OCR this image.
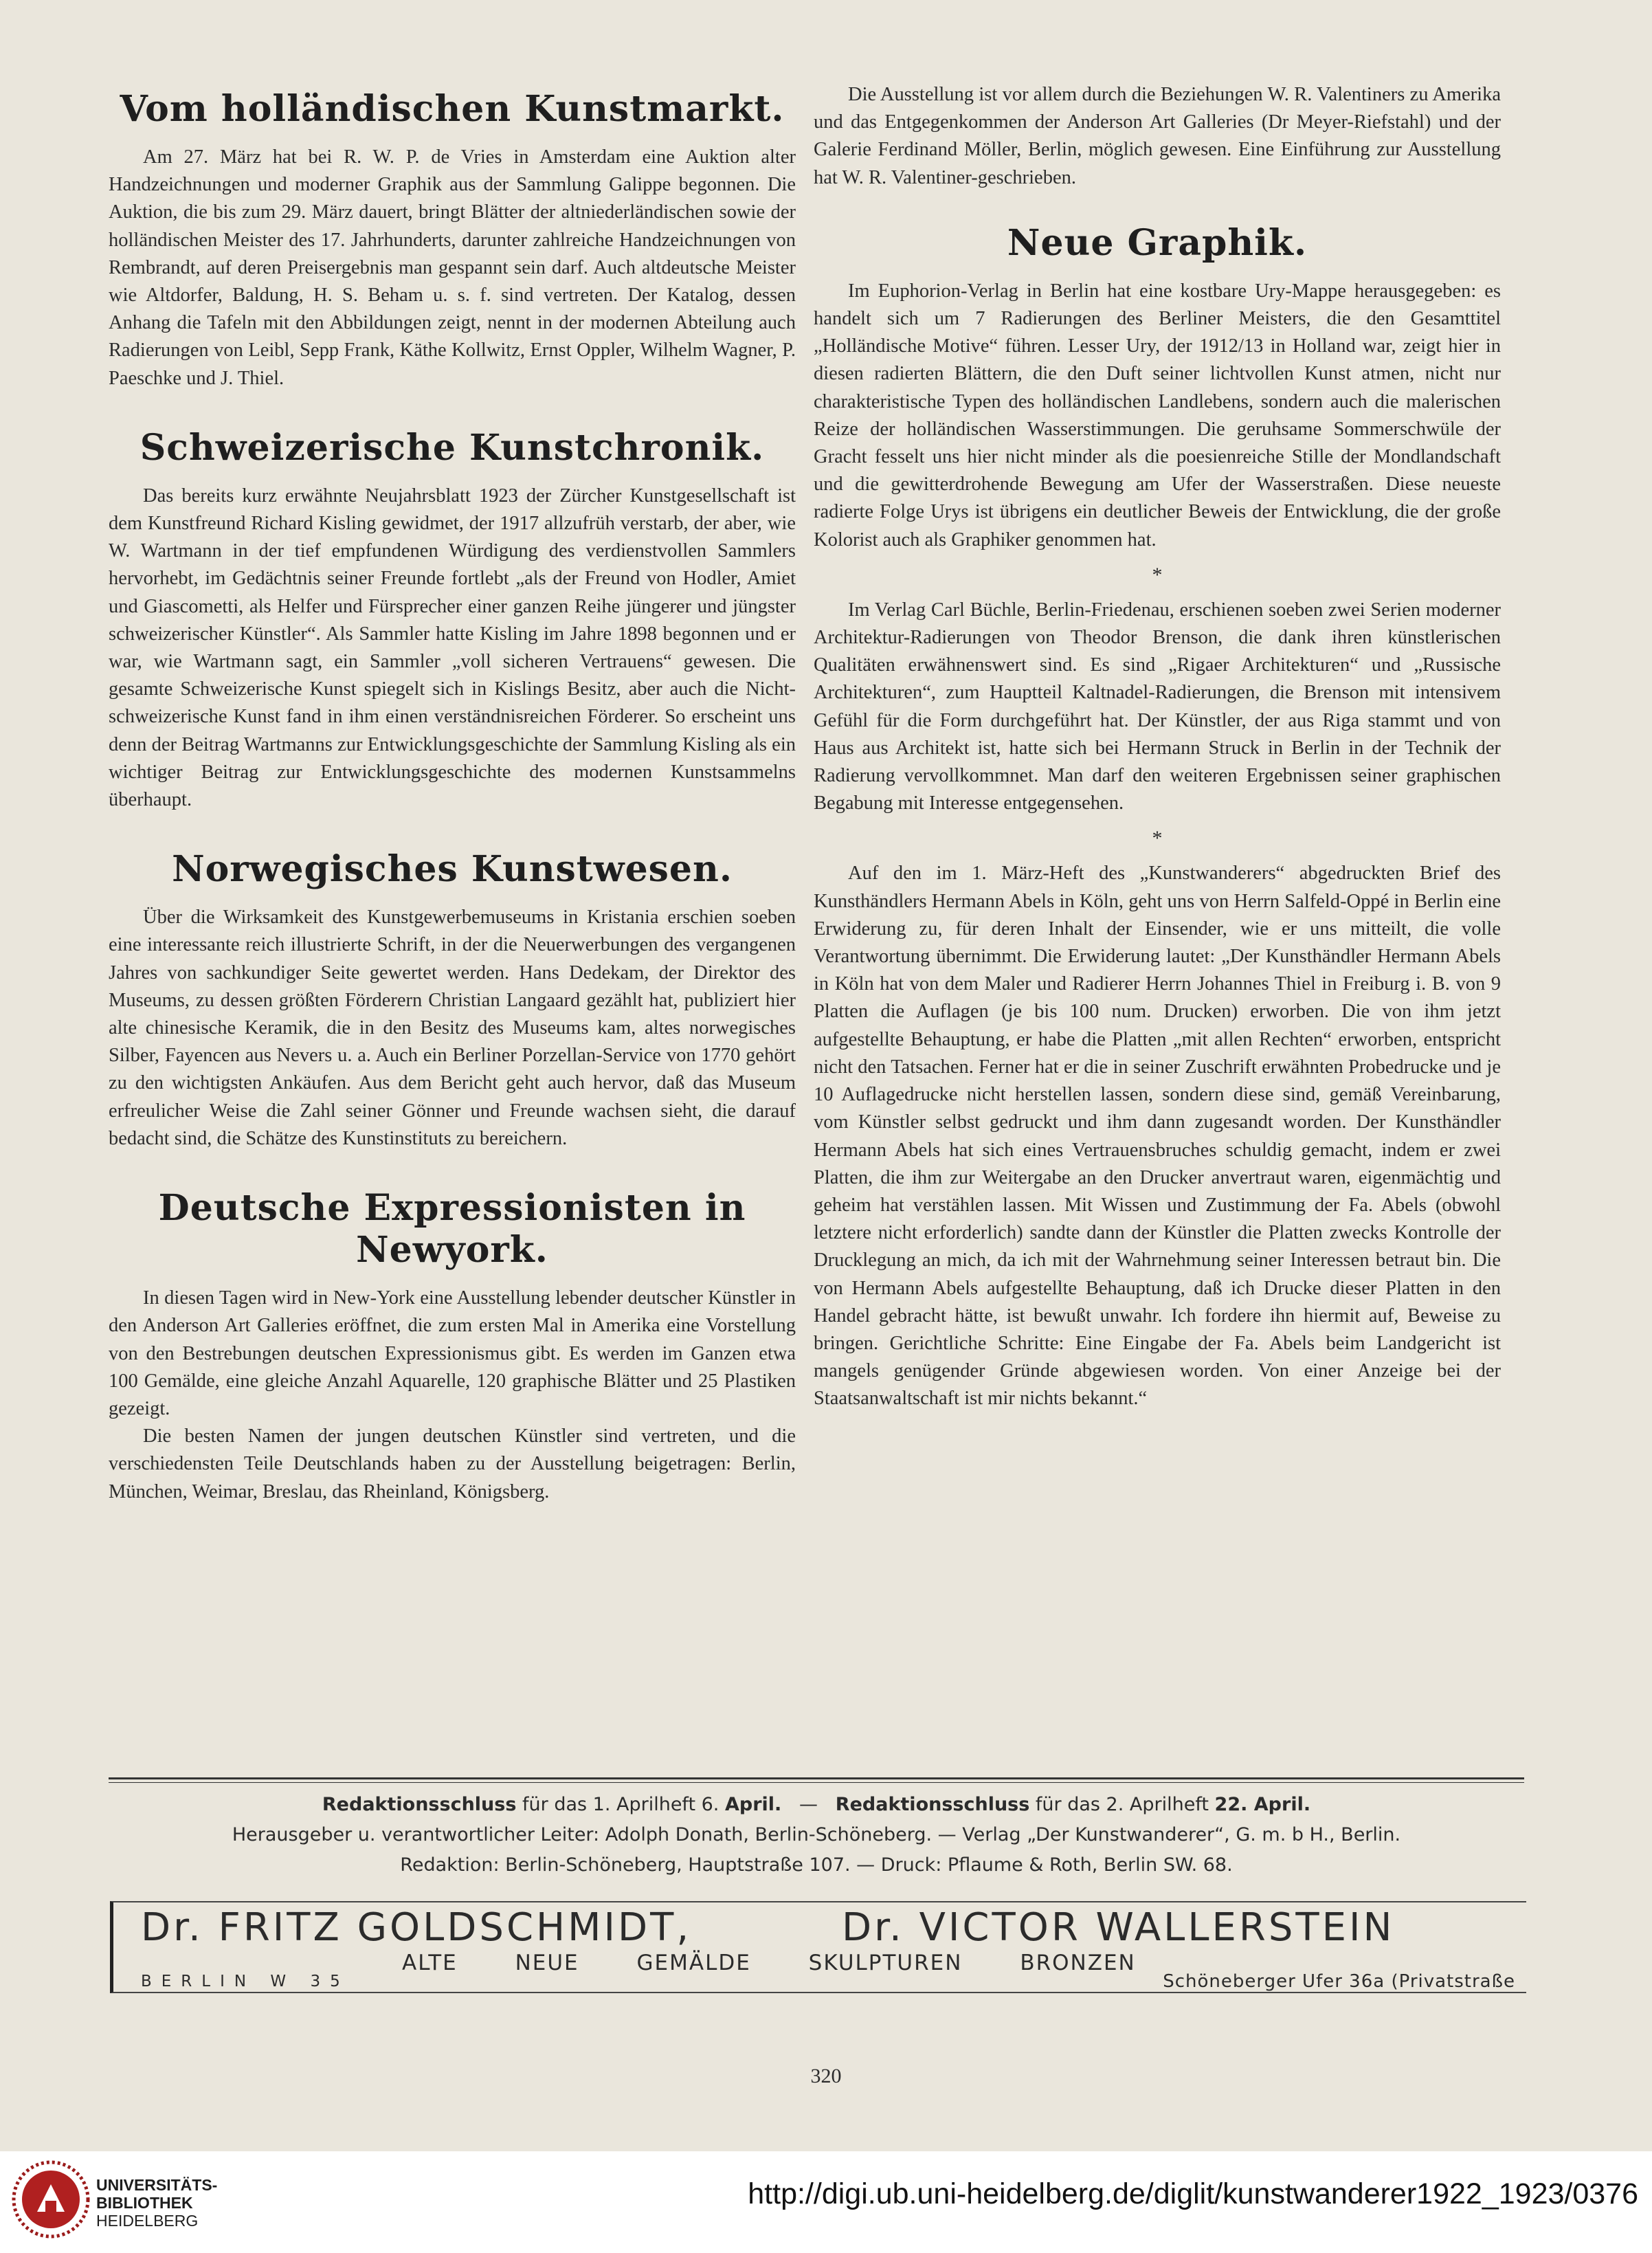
Vom holländischen Kunstmarkt.

Am 27. März hat bei R. W. P. de Vries in Amsterdam eine Auktion alter Handzeichnungen und moderner Graphik aus der Sammlung Galippe begonnen. Die Auktion, die bis zum 29. März dauert, bringt Blätter der altniederländischen sowie der holländischen Meister des 17. Jahrhunderts, darunter zahlreiche Handzeichnungen von Rembrandt, auf deren Preisergebnis man gespannt sein darf. Auch altdeutsche Meister wie Altdorfer, Baldung, H. S. Beham u. s. f. sind vertreten. Der Katalog, dessen Anhang die Tafeln mit den Abbildungen zeigt, nennt in der modernen Abteilung auch Radierungen von Leibl, Sepp Frank, Käthe Kollwitz, Ernst Oppler, Wilhelm Wagner, P. Paeschke und J. Thiel.

Schweizerische Kunstchronik.

Das bereits kurz erwähnte Neujahrsblatt 1923 der Zürcher Kunstgesellschaft ist dem Kunstfreund Richard Kisling gewidmet, der 1917 allzufrüh verstarb, der aber, wie W. Wartmann in der tief empfundenen Würdigung des verdienstvollen Sammlers hervorhebt, im Gedächtnis seiner Freunde fortlebt „als der Freund von Hodler, Amiet und Giascometti, als Helfer und Fürsprecher einer ganzen Reihe jüngerer und jüngster schweizerischer Künstler“. Als Sammler hatte Kisling im Jahre 1898 begonnen und er war, wie Wartmann sagt, ein Sammler „voll sicheren Vertrauens“ gewesen. Die gesamte Schweizerische Kunst spiegelt sich in Kislings Besitz, aber auch die Nicht-schweizerische Kunst fand in ihm einen verständnisreichen Förderer. So erscheint uns denn der Beitrag Wartmanns zur Entwicklungsgeschichte der Sammlung Kisling als ein wichtiger Beitrag zur Entwicklungsgeschichte des modernen Kunstsammelns überhaupt.

Norwegisches Kunstwesen.

Über die Wirksamkeit des Kunstgewerbemuseums in Kristania erschien soeben eine interessante reich illustrierte Schrift, in der die Neuerwerbungen des vergangenen Jahres von sachkundiger Seite gewertet werden. Hans Dedekam, der Direktor des Museums, zu dessen größten Förderern Christian Langaard gezählt hat, publiziert hier alte chinesische Keramik, die in den Besitz des Museums kam, altes norwegisches Silber, Fayencen aus Nevers u. a. Auch ein Berliner Porzellan-Service von 1770 gehört zu den wichtigsten Ankäufen. Aus dem Bericht geht auch hervor, daß das Museum erfreulicher Weise die Zahl seiner Gönner und Freunde wachsen sieht, die darauf bedacht sind, die Schätze des Kunstinstituts zu bereichern.

Deutsche Expressionisten in Newyork.

In diesen Tagen wird in New-York eine Ausstellung lebender deutscher Künstler in den Anderson Art Galleries eröffnet, die zum ersten Mal in Amerika eine Vorstellung von den Bestrebungen deutschen Expressionismus gibt. Es werden im Ganzen etwa 100 Gemälde, eine gleiche Anzahl Aquarelle, 120 graphische Blätter und 25 Plastiken gezeigt.

Die besten Namen der jungen deutschen Künstler sind vertreten, und die verschiedensten Teile Deutschlands haben zu der Ausstellung beigetragen: Berlin, München, Weimar, Breslau, das Rheinland, Königsberg.

Die Ausstellung ist vor allem durch die Beziehungen W. R. Valentiners zu Amerika und das Entgegenkommen der Anderson Art Galleries (Dr Meyer-Riefstahl) und der Galerie Ferdinand Möller, Berlin, möglich gewesen. Eine Einführung zur Ausstellung hat W. R. Valentiner-geschrieben.

Neue Graphik.

Im Euphorion-Verlag in Berlin hat eine kostbare Ury-Mappe herausgegeben: es handelt sich um 7 Radierungen des Berliner Meisters, die den Gesamttitel „Holländische Motive“ führen. Lesser Ury, der 1912/13 in Holland war, zeigt hier in diesen radierten Blättern, die den Duft seiner lichtvollen Kunst atmen, nicht nur charakteristische Typen des holländischen Landlebens, sondern auch die malerischen Reize der holländischen Wasserstimmungen. Die geruhsame Sommerschwüle der Gracht fesselt uns hier nicht minder als die poesienreiche Stille der Mondlandschaft und die gewitterdrohende Bewegung am Ufer der Wasserstraßen. Diese neueste radierte Folge Urys ist übrigens ein deutlicher Beweis der Entwicklung, die der große Kolorist auch als Graphiker genommen hat.

*

Im Verlag Carl Büchle, Berlin-Friedenau, erschienen soeben zwei Serien moderner Architektur-Radierungen von Theodor Brenson, die dank ihren künstlerischen Qualitäten erwähnenswert sind. Es sind „Rigaer Architekturen“ und „Russische Architekturen“, zum Hauptteil Kaltnadel-Radierungen, die Brenson mit intensivem Gefühl für die Form durchgeführt hat. Der Künstler, der aus Riga stammt und von Haus aus Architekt ist, hatte sich bei Hermann Struck in Berlin in der Technik der Radierung vervollkommnet. Man darf den weiteren Ergebnissen seiner graphischen Begabung mit Interesse entgegensehen.

*

Auf den im 1. März-Heft des „Kunstwanderers“ abgedruckten Brief des Kunsthändlers Hermann Abels in Köln, geht uns von Herrn Salfeld-Oppé in Berlin eine Erwiderung zu, für deren Inhalt der Einsender, wie er uns mitteilt, die volle Verantwortung übernimmt. Die Erwiderung lautet: „Der Kunsthändler Hermann Abels in Köln hat von dem Maler und Radierer Herrn Johannes Thiel in Freiburg i. B. von 9 Platten die Auflagen (je bis 100 num. Drucken) erworben. Die von ihm jetzt aufgestellte Behauptung, er habe die Platten „mit allen Rechten“ erworben, entspricht nicht den Tatsachen. Ferner hat er die in seiner Zuschrift erwähnten Probedrucke und je 10 Auflagedrucke nicht herstellen lassen, sondern diese sind, gemäß Vereinbarung, vom Künstler selbst gedruckt und ihm dann zugesandt worden. Der Kunsthändler Hermann Abels hat sich eines Vertrauensbruches schuldig gemacht, indem er zwei Platten, die ihm zur Weitergabe an den Drucker anvertraut waren, eigenmächtig und geheim hat verstählen lassen. Mit Wissen und Zustimmung der Fa. Abels (obwohl letztere nicht erforderlich) sandte dann der Künstler die Platten zwecks Kontrolle der Drucklegung an mich, da ich mit der Wahrnehmung seiner Interessen betraut bin. Die von Hermann Abels aufgestellte Behauptung, daß ich Drucke dieser Platten in den Handel gebracht hätte, ist bewußt unwahr. Ich fordere ihn hiermit auf, Beweise zu bringen. Gerichtliche Schritte: Eine Eingabe der Fa. Abels beim Landgericht ist mangels genügender Gründe abgewiesen worden. Von einer Anzeige bei der Staatsanwaltschaft ist mir nichts bekannt.“

Redaktionsschluss für das 1. Aprilheft 6. April. — Redaktionsschluss für das 2. Aprilheft 22. April.
Herausgeber u. verantwortlicher Leiter: Adolph Donath, Berlin-Schöneberg. — Verlag „Der Kunstwanderer“, G. m. b H., Berlin.
Redaktion: Berlin-Schöneberg, Hauptstraße 107. — Druck: Pflaume & Roth, Berlin SW. 68.
Dr. FRITZ GOLDSCHMIDT,	Dr. VICTOR WALLERSTEIN
ALTE	NEUE	GEMÄLDE	SKULPTUREN	BRONZEN
BERLIN W 35	Schöneberger Ufer 36a (Privatstraße
320
UNIVERSITÄTS-
BIBLIOTHEK
HEIDELBERG
http://digi.ub.uni-heidelberg.de/diglit/kunstwanderer1922_1923/0376
